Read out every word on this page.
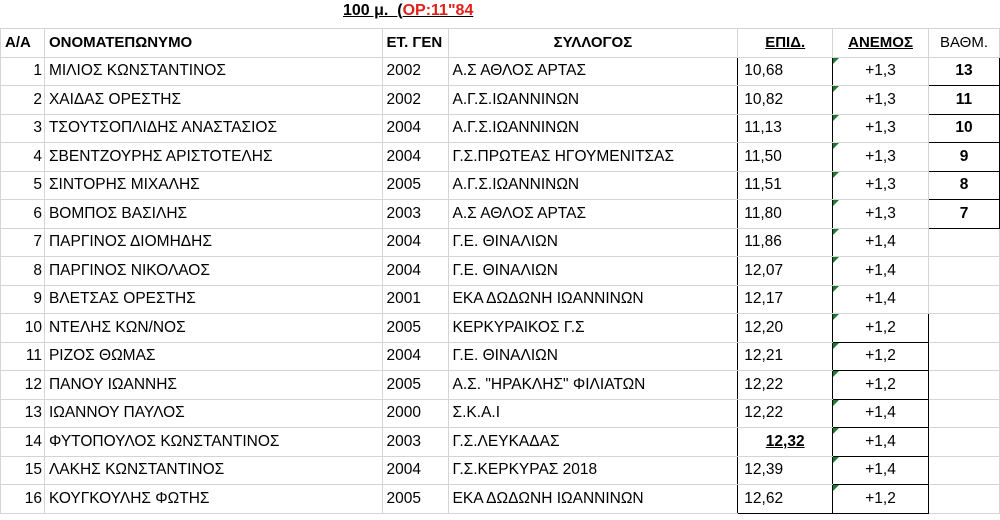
100 μ.  (ΟΡ:11"84
Α/Α	ΟΝΟΜΑΤΕΠΩΝΥΜΟ	ΕΤ. ΓΕΝ	ΣΥΛΛΟΓΟΣ	ΕΠΙΔ.	ΑΝΕΜΟΣ	ΒΑΘΜ.
1	ΜΙΛΙΟΣ ΚΩΝΣΤΑΝΤΙΝΟΣ	2002	Α.Σ ΑΘΛΟΣ ΑΡΤΑΣ	10,68	+1,3	13
2	ΧΑΙΔΑΣ ΟΡΕΣΤΗΣ	2002	Α.Γ.Σ.ΙΩΑΝΝΙΝΩΝ	10,82	+1,3	11
3	ΤΣΟΥΤΣΟΠΛΙΔΗΣ ΑΝΑΣΤΑΣΙΟΣ	2004	Α.Γ.Σ.ΙΩΑΝΝΙΝΩΝ	11,13	+1,3	10
4	ΣΒΕΝΤΖΟΥΡΗΣ ΑΡΙΣΤΟΤΕΛΗΣ	2004	Γ.Σ.ΠΡΩΤΕΑΣ ΗΓΟΥΜΕΝΙΤΣΑΣ	11,50	+1,3	9
5	ΣΙΝΤΟΡΗΣ ΜΙΧΑΛΗΣ	2005	Α.Γ.Σ.ΙΩΑΝΝΙΝΩΝ	11,51	+1,3	8
6	ΒΟΜΠΟΣ ΒΑΣΙΛΗΣ	2003	Α.Σ ΑΘΛΟΣ ΑΡΤΑΣ	11,80	+1,3	7
7	ΠΑΡΓΙΝΟΣ ΔΙΟΜΗΔΗΣ	2004	Γ.Ε. ΘΙΝΑΛΙΩΝ	11,86	+1,4	
8	ΠΑΡΓΙΝΟΣ ΝΙΚΟΛΑΟΣ	2004	Γ.Ε. ΘΙΝΑΛΙΩΝ	12,07	+1,4	
9	ΒΛΕΤΣΑΣ ΟΡΕΣΤΗΣ	2001	ΕΚΑ ΔΩΔΩΝΗ ΙΩΑΝΝΙΝΩΝ	12,17	+1,4	
10	ΝΤΕΛΗΣ ΚΩΝ/ΝΟΣ	2005	ΚΕΡΚΥΡΑΙΚΟΣ Γ.Σ	12,20	+1,2	
11	ΡΙΖΟΣ ΘΩΜΑΣ	2004	Γ.Ε. ΘΙΝΑΛΙΩΝ	12,21	+1,2	
12	ΠΑΝΟΥ ΙΩΑΝΝΗΣ	2005	Α.Σ. "ΗΡΑΚΛΗΣ" ΦΙΛΙΑΤΩΝ	12,22	+1,2	
13	ΙΩΑΝΝΟΥ ΠΑΥΛΟΣ	2000	Σ.Κ.Α.Ι	12,22	+1,4	
14	ΦΥΤΟΠΟΥΛΟΣ ΚΩΝΣΤΑΝΤΙΝΟΣ	2003	Γ.Σ.ΛΕΥΚΑΔΑΣ	12,32	+1,4	
15	ΛΑΚΗΣ ΚΩΝΣΤΑΝΤΙΝΟΣ	2004	Γ.Σ.ΚΕΡΚΥΡΑΣ 2018	12,39	+1,4	
16	ΚΟΥΓΚΟΥΛΗΣ ΦΩΤΗΣ	2005	ΕΚΑ ΔΩΔΩΝΗ ΙΩΑΝΝΙΝΩΝ	12,62	+1,2	
